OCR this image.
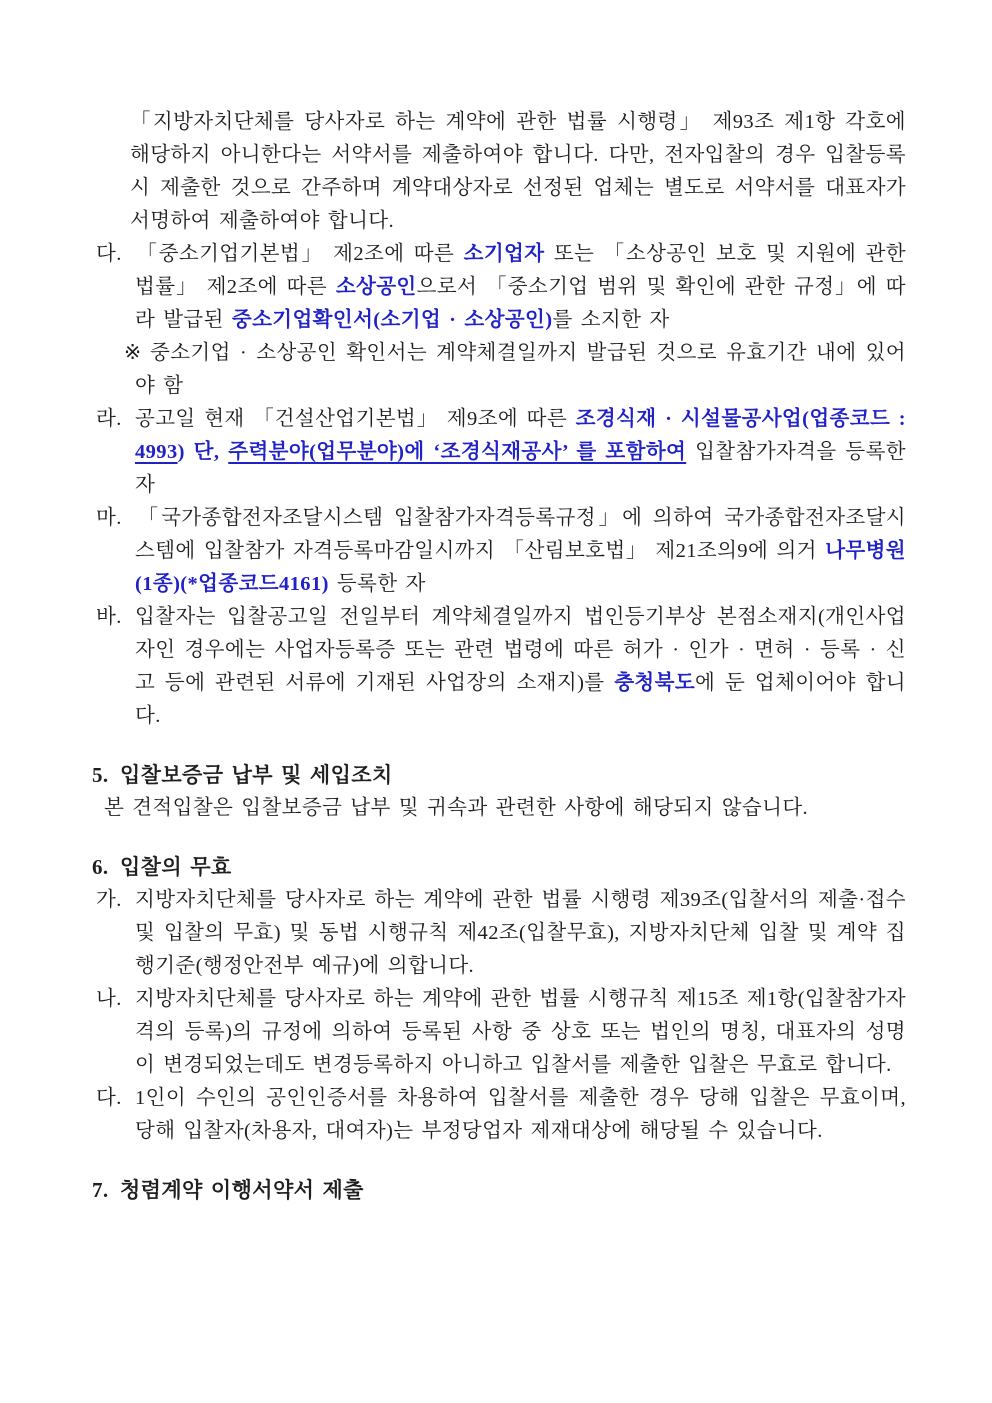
「지방자치단체를 당사자로 하는 계약에 관한 법률 시행령」 제93조 제1항 각호에 해당하지 아니한다는 서약서를 제출하여야 합니다. 다만, 전자입찰의 경우 입찰등록 시 제출한 것으로 간주하며 계약대상자로 선정된 업체는 별도로 서약서를 대표자가 서명하여 제출하여야 합니다.
다. 「중소기업기본법」 제2조에 따른 소기업자 또는 「소상공인 보호 및 지원에 관한 법률」 제2조에 따른 소상공인으로서 「중소기업 범위 및 확인에 관한 규정」에 따라 발급된 중소기업확인서(소기업 · 소상공인)를 소지한 자
※ 중소기업 · 소상공인 확인서는 계약체결일까지 발급된 것으로 유효기간 내에 있어야 함
라. 공고일 현재 「건설산업기본법」 제9조에 따른 조경식재 · 시설물공사업(업종코드 : 4993) 단, 주력분야(업무분야)에 ‘조경식재공사’ 를 포함하여 입찰참가자격을 등록한자
마. 「국가종합전자조달시스템 입찰참가자격등록규정」에 의하여 국가종합전자조달시스템에 입찰참가 자격등록마감일시까지 「산림보호법」 제21조의9에 의거 나무병원(1종)(*업종코드4161) 등록한 자
바. 입찰자는 입찰공고일 전일부터 계약체결일까지 법인등기부상 본점소재지(개인사업자인 경우에는 사업자등록증 또는 관련 법령에 따른 허가 · 인가 · 면허 · 등록 · 신고 등에 관련된 서류에 기재된 사업장의 소재지)를 충청북도에 둔 업체이어야 합니다.
5. 입찰보증금 납부 및 세입조치
본 견적입찰은 입찰보증금 납부 및 귀속과 관련한 사항에 해당되지 않습니다.
6. 입찰의 무효
가. 지방자치단체를 당사자로 하는 계약에 관한 법률 시행령 제39조(입찰서의 제출·접수 및 입찰의 무효) 및 동법 시행규칙 제42조(입찰무효), 지방자치단체 입찰 및 계약 집행기준(행정안전부 예규)에 의합니다.
나. 지방자치단체를 당사자로 하는 계약에 관한 법률 시행규칙 제15조 제1항(입찰참가자격의 등록)의 규정에 의하여 등록된 사항 중 상호 또는 법인의 명칭, 대표자의 성명이 변경되었는데도 변경등록하지 아니하고 입찰서를 제출한 입찰은 무효로 합니다.
다. 1인이 수인의 공인인증서를 차용하여 입찰서를 제출한 경우 당해 입찰은 무효이며, 당해 입찰자(차용자, 대여자)는 부정당업자 제재대상에 해당될 수 있습니다.
7. 청렴계약 이행서약서 제출
